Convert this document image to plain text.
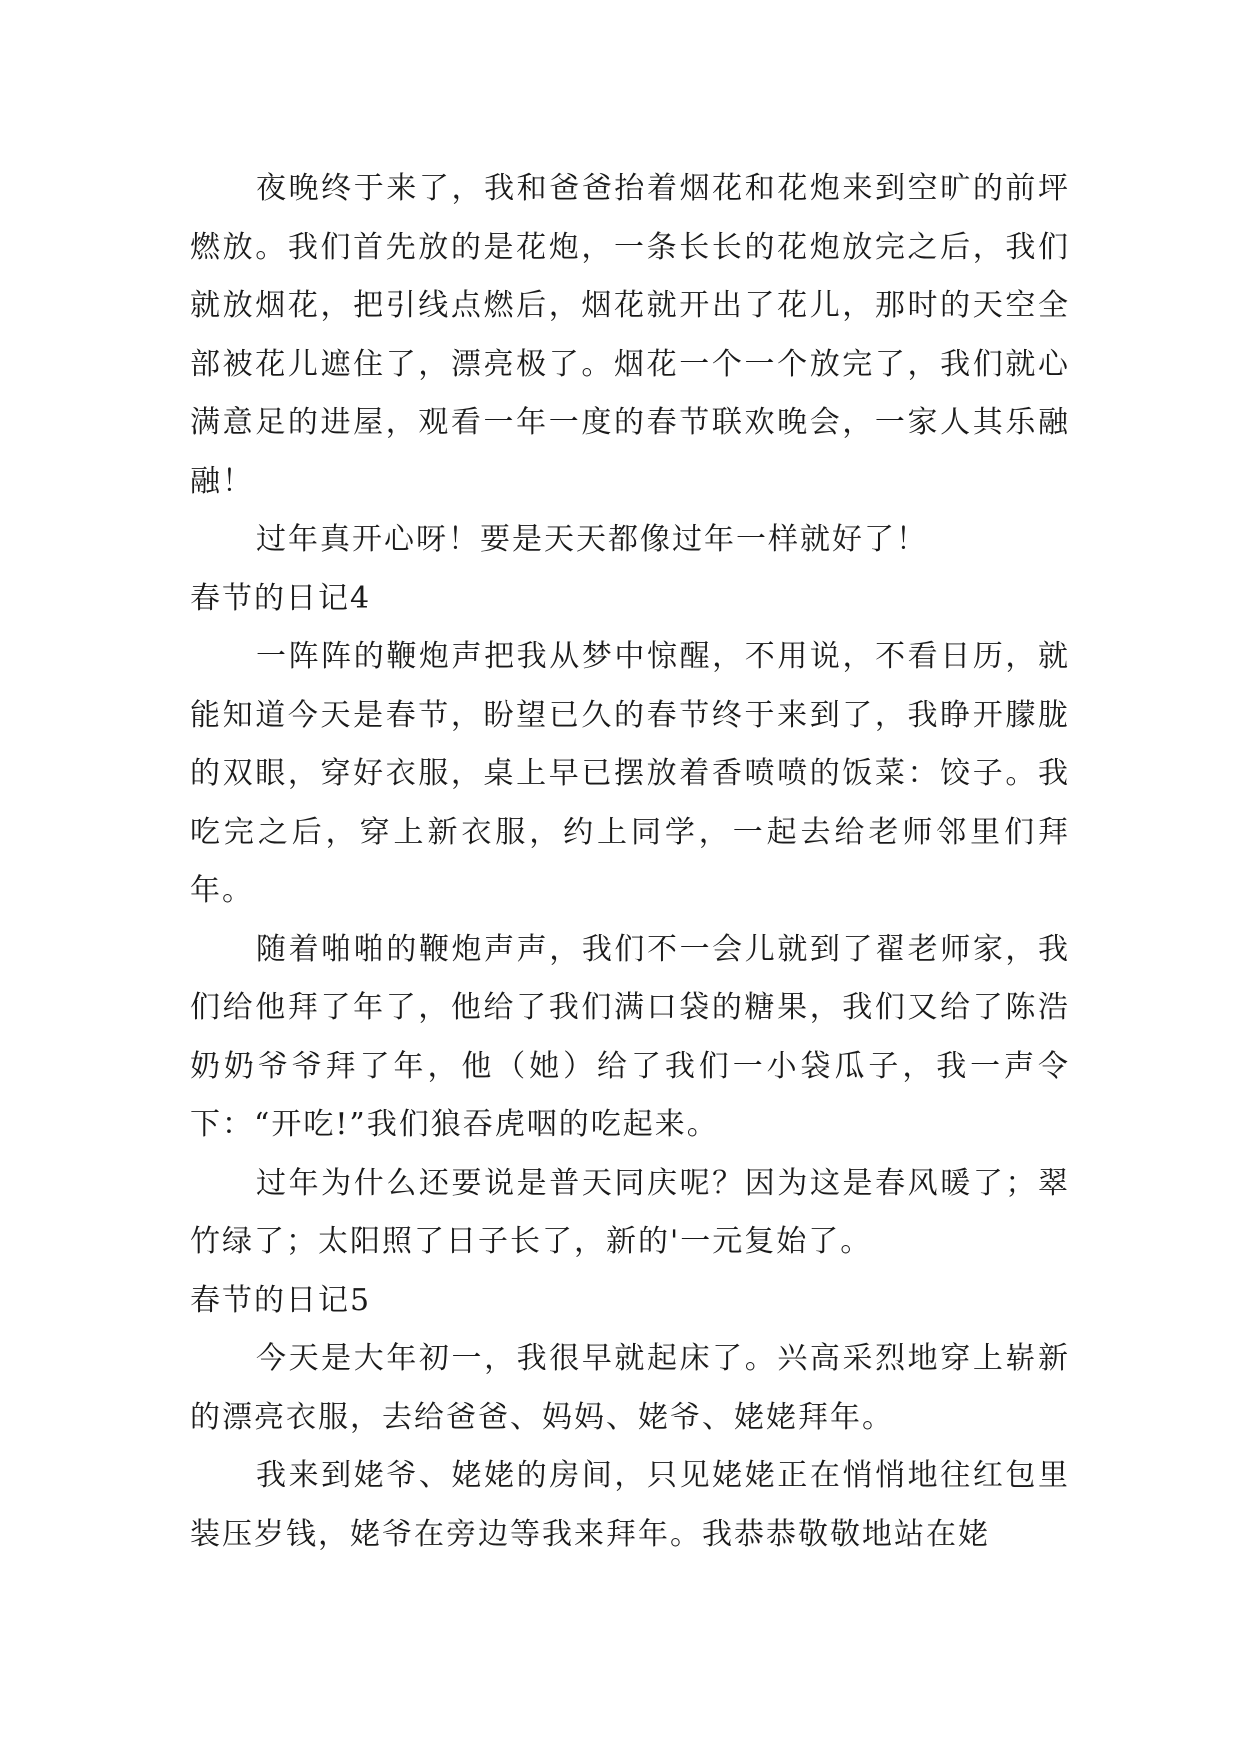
夜晚终于来了，我和爸爸抬着烟花和花炮来到空旷的前坪燃放。我们首先放的是花炮，一条长长的花炮放完之后，我们就放烟花，把引线点燃后，烟花就开出了花儿，那时的天空全部被花儿遮住了，漂亮极了。烟花一个一个放完了，我们就心满意足的进屋，观看一年一度的春节联欢晚会，一家人其乐融融！

过年真开心呀！要是天天都像过年一样就好了！

春节的日记4

一阵阵的鞭炮声把我从梦中惊醒，不用说，不看日历，就能知道今天是春节，盼望已久的春节终于来到了，我睁开朦胧的双眼，穿好衣服，桌上早已摆放着香喷喷的饭菜：饺子。我吃完之后，穿上新衣服，约上同学，一起去给老师邻里们拜年。

随着啪啪的鞭炮声声，我们不一会儿就到了翟老师家，我们给他拜了年了，他给了我们满口袋的糖果，我们又给了陈浩奶奶爷爷拜了年，他（她）给了我们一小袋瓜子，我一声令下：“开吃!”我们狼吞虎咽的吃起来。

过年为什么还要说是普天同庆呢？因为这是春风暖了；翠竹绿了；太阳照了日子长了，新的'一元复始了。

春节的日记5

今天是大年初一，我很早就起床了。兴高采烈地穿上崭新的漂亮衣服，去给爸爸、妈妈、姥爷、姥姥拜年。

我来到姥爷、姥姥的房间，只见姥姥正在悄悄地往红包里装压岁钱，姥爷在旁边等我来拜年。我恭恭敬敬地站在姥
